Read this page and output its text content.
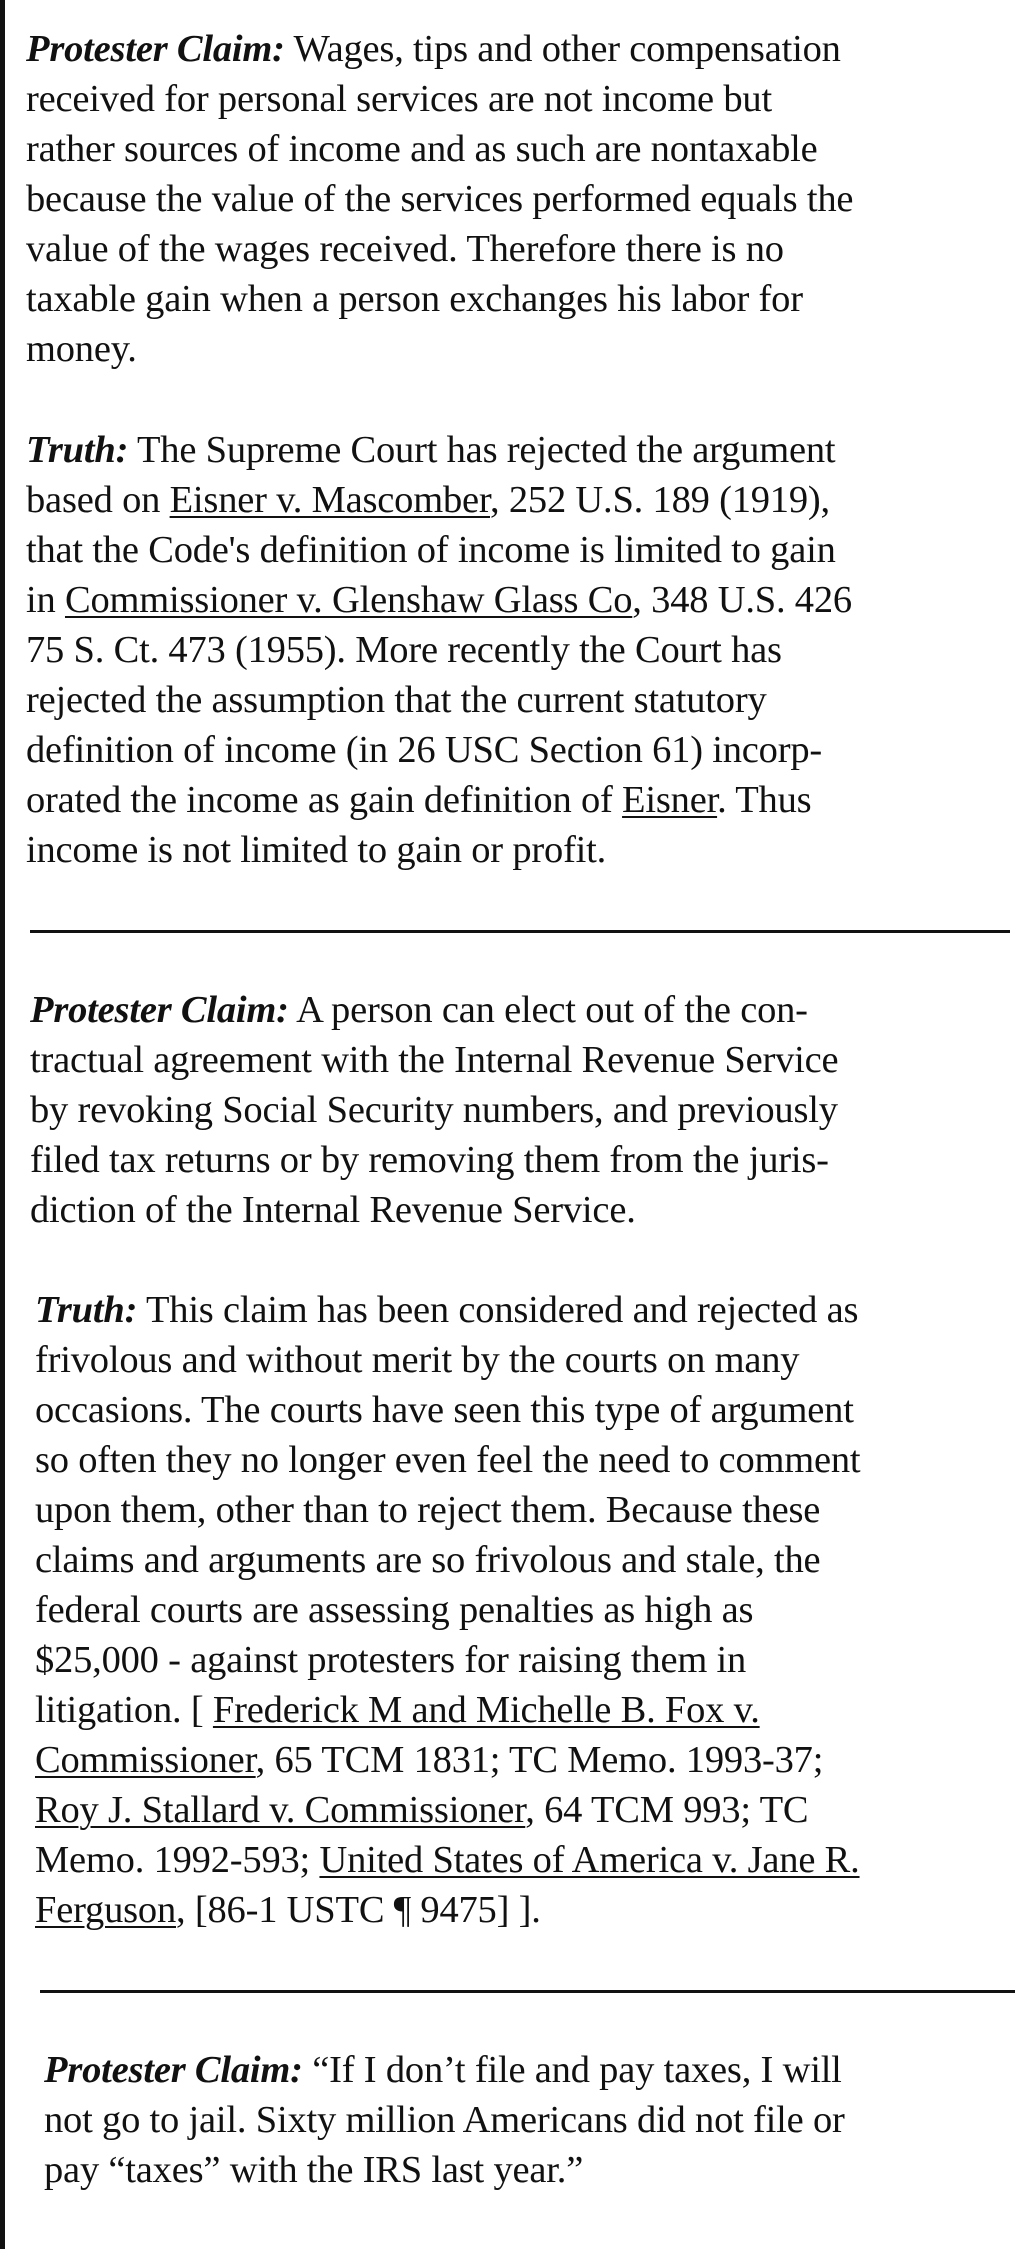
Protester Claim: Wages, tips and other compensation
received for personal services are not income but
rather sources of income and as such are nontaxable
because the value of the services performed equals the
value of the wages received. Therefore there is no
taxable gain when a person exchanges his labor for
money.
Truth: The Supreme Court has rejected the argument
based on Eisner v. Mascomber, 252 U.S. 189 (1919),
that the Code's definition of income is limited to gain
in Commissioner v. Glenshaw Glass Co, 348 U.S. 426
75 S. Ct. 473 (1955). More recently the Court has
rejected the assumption that the current statutory
definition of income (in 26 USC Section 61) incorp-
orated the income as gain definition of Eisner. Thus
income is not limited to gain or profit.
Protester Claim: A person can elect out of the con-
tractual agreement with the Internal Revenue Service
by revoking Social Security numbers, and previously
filed tax returns or by removing them from the juris-
diction of the Internal Revenue Service.
Truth: This claim has been considered and rejected as
frivolous and without merit by the courts on many
occasions. The courts have seen this type of argument
so often they no longer even feel the need to comment
upon them, other than to reject them. Because these
claims and arguments are so frivolous and stale, the
federal courts are assessing penalties as high as
$25,000 - against protesters for raising them in
litigation. [ Frederick M and Michelle B. Fox v.
Commissioner, 65 TCM 1831; TC Memo. 1993-37;
Roy J. Stallard v. Commissioner, 64 TCM 993; TC
Memo. 1992-593; United States of America v. Jane R.
Ferguson, [86-1 USTC ¶ 9475] ].
Protester Claim: “If I don’t file and pay taxes, I will
not go to jail. Sixty million Americans did not file or
pay “taxes” with the IRS last year.”
